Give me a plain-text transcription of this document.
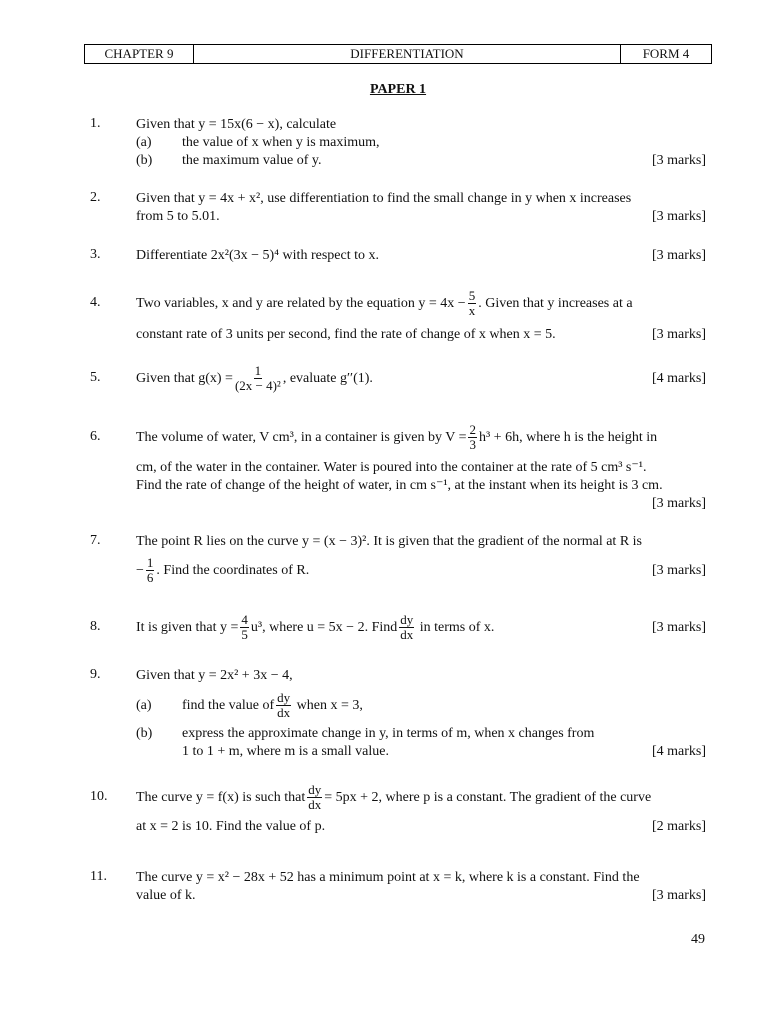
CHAPTER 9	DIFFERENTIATION	FORM 4
PAPER 1
1.	Given that y = 15x(6 − x), calculate
(a) the value of x when y is maximum,
(b) the maximum value of y.	[3 marks]
2.	Given that y = 4x + x², use differentiation to find the small change in y when x increases
from 5 to 5.01.	[3 marks]
3.	Differentiate 2x²(3x − 5)⁴ with respect to x.	[3 marks]
4.	Two variables, x and y are related by the equation $y = 4x - \frac{5}{x}$ . Given that y increases at a
constant rate of 3 units per second, find the rate of change of x when x = 5.	[3 marks]
5.	Given that $g(x) = \frac{1}{\text{(2x − 4)²}}$ , evaluate g′′(1).	[4 marks]
6.	The volume of water, V cm³, in a container is given by $V = \frac{2}{3} h^3 + 6h$, where h is the height in
cm, of the water in the container. Water is poured into the container at the rate of 5 cm³ s⁻¹.
Find the rate of change of the height of water, in cm s⁻¹, at the instant when its height is 3 cm.
[3 marks]
7.	The point R lies on the curve y = (x − 3)². It is given that the gradient of the normal at R is
− $\frac{1}{6}$ . Find the coordinates of R.	[3 marks]
8.	It is given that $y = \frac{4}{5} u^3$, where u = 5x − 2. Find $\frac{dy}{dx}$ in terms of x.	[3 marks]
9.	Given that y = 2x² + 3x − 4,
(a) find the value of $\frac{dy}{dx}$ when x = 3,
(b) express the approximate change in y, in terms of m, when x changes from
1 to 1 + m, where m is a small value.	[4 marks]
10. The curve y = f(x) is such that $\frac{dy}{dx} = 5px + 2$, where p is a constant. The gradient of the curve
at x = 2 is 10. Find the value of p.	[2 marks]
11. The curve y = x² − 28x + 52 has a minimum point at x = k, where k is a constant. Find the
value of k.	[3 marks]
49
